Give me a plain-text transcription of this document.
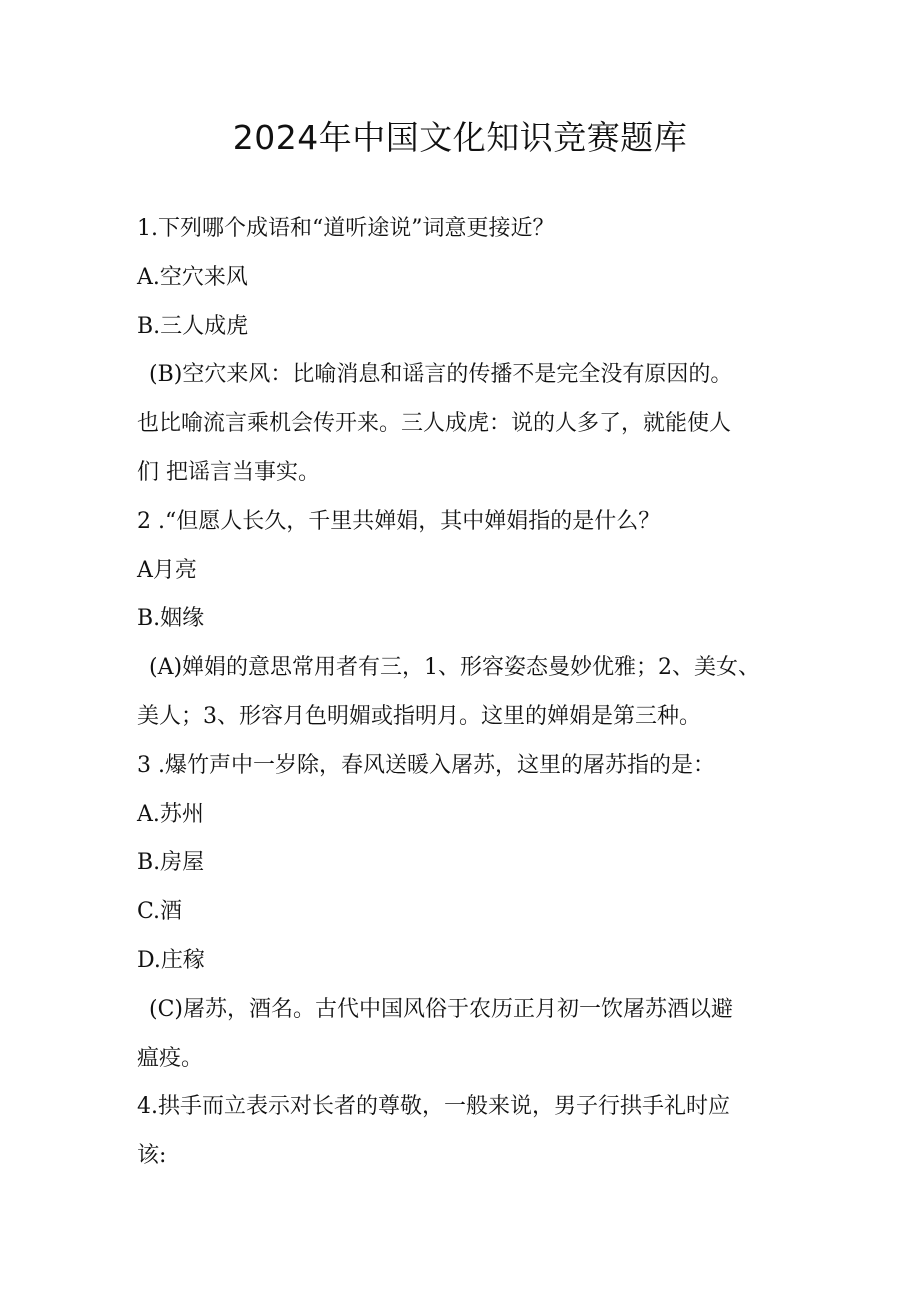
2024年中国文化知识竞赛题库
1.下列哪个成语和“道听途说”词意更接近？
A.空穴来风
B.三人成虎
(B)空穴来风：比喻消息和谣言的传播不是完全没有原因的。
也比喻流言乘机会传开来。三人成虎：说的人多了，就能使人
们 把谣言当事实。
2 .“但愿人长久，千里共婵娟，其中婵娟指的是什么？
A月亮
B.姻缘
(A)婵娟的意思常用者有三，1、形容姿态曼妙优雅；2、美女、
美人；3、形容月色明媚或指明月。这里的婵娟是第三种。
3 .爆竹声中一岁除，春风送暖入屠苏，这里的屠苏指的是：
A.苏州
B.房屋
C.酒
D.庄稼
(C)屠苏，酒名。古代中国风俗于农历正月初一饮屠苏酒以避
瘟疫。
4.拱手而立表示对长者的尊敬，一般来说，男子行拱手礼时应
该:
